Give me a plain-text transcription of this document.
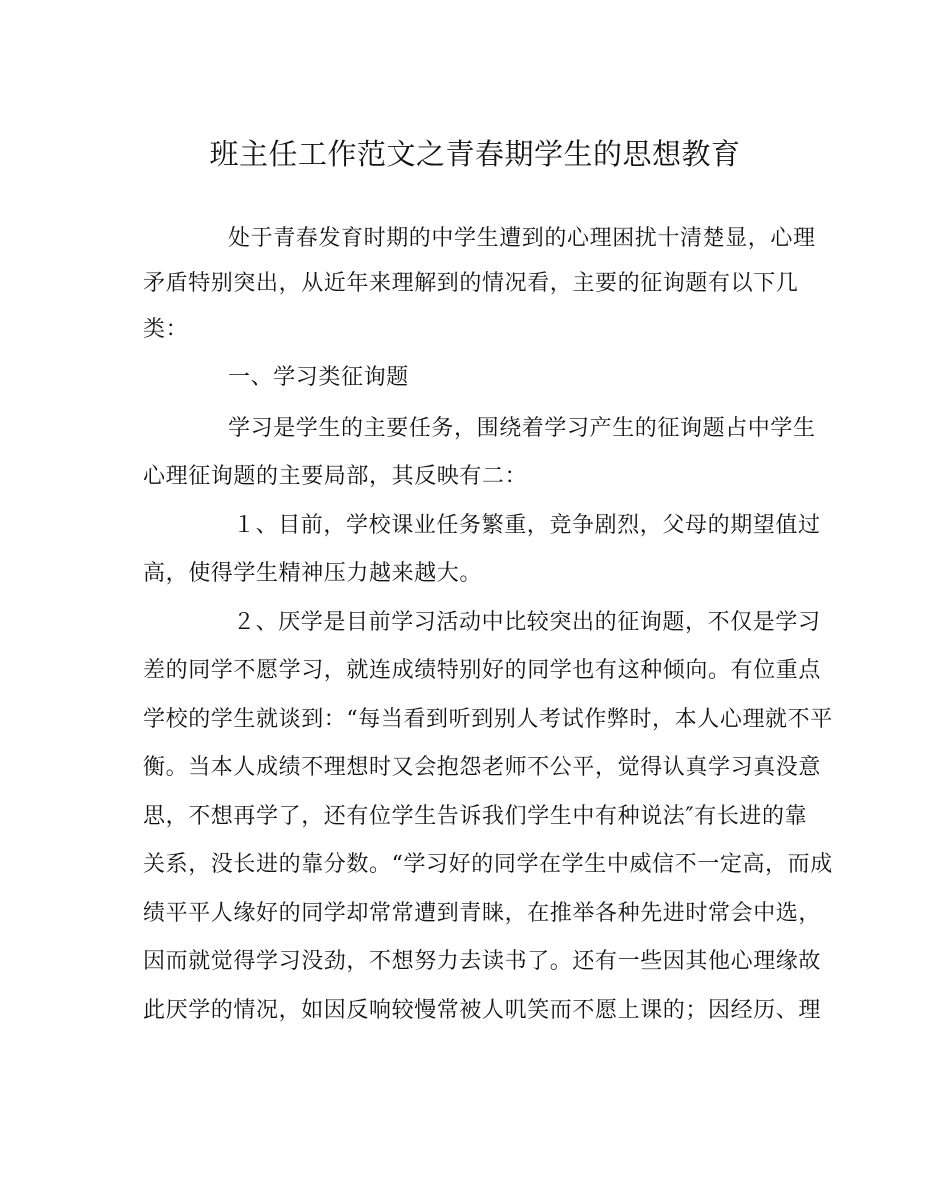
班主任工作范文之青春期学生的思想教育
处于青春发育时期的中学生遭到的心理困扰十清楚显，心理
矛盾特别突出，从近年来理解到的情况看，主要的征询题有以下几
类：
一、学习类征询题
学习是学生的主要任务，围绕着学习产生的征询题占中学生
心理征询题的主要局部，其反映有二：
１、目前，学校课业任务繁重，竞争剧烈，父母的期望值过
高，使得学生精神压力越来越大。
２、厌学是目前学习活动中比较突出的征询题，不仅是学习
差的同学不愿学习，就连成绩特别好的同学也有这种倾向。有位重点
学校的学生就谈到：“每当看到听到别人考试作弊时，本人心理就不平
衡。当本人成绩不理想时又会抱怨老师不公平，觉得认真学习真没意
思，不想再学了，还有位学生告诉我们学生中有种说法″有长进的靠
关系，没长进的靠分数。“学习好的同学在学生中威信不一定高，而成
绩平平人缘好的同学却常常遭到青睐，在推举各种先进时常会中选，
因而就觉得学习没劲，不想努力去读书了。还有一些因其他心理缘故
此厌学的情况，如因反响较慢常被人叽笑而不愿上课的；因经历、理
